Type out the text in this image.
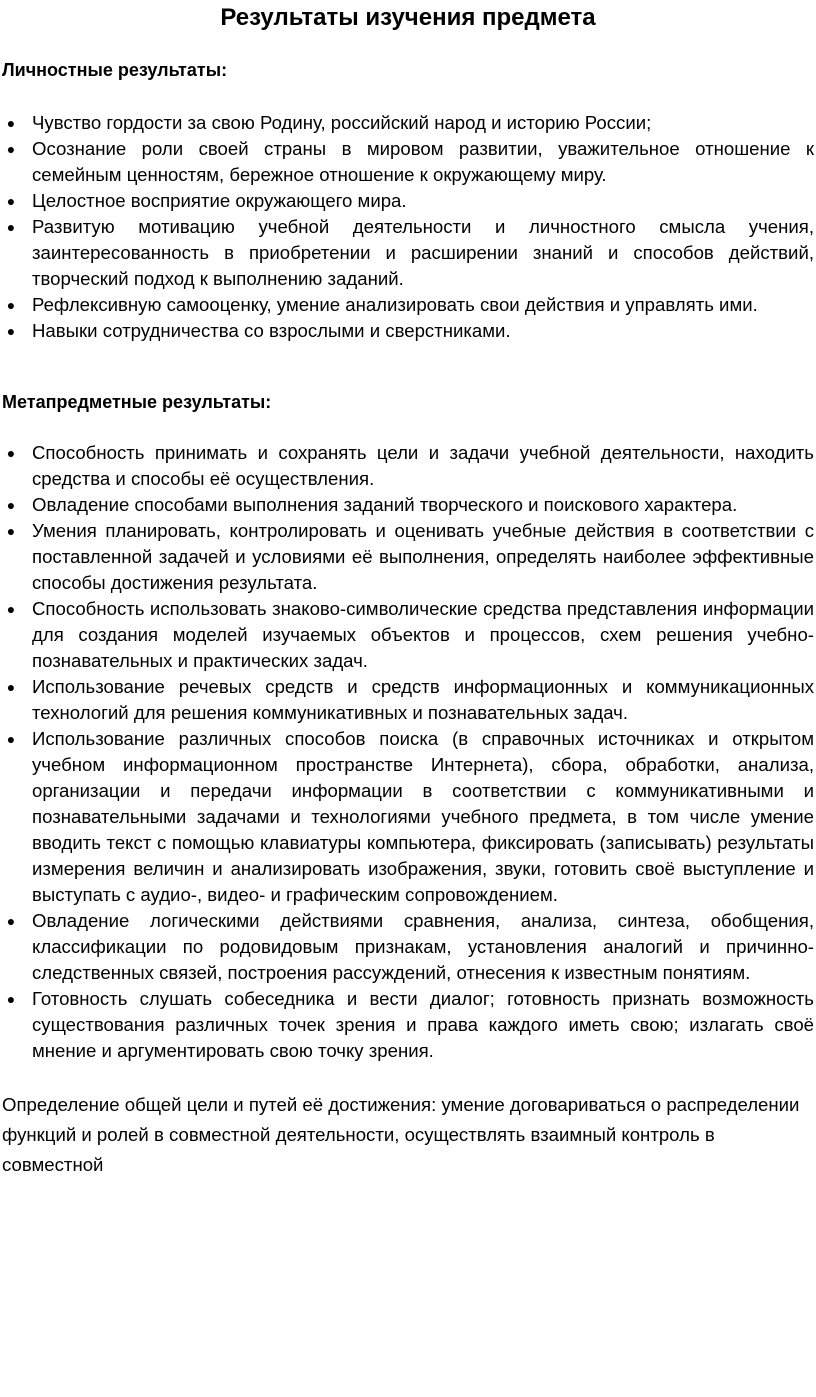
Результаты изучения предмета
Личностные результаты:
● Чувство гордости за свою Родину, российский народ и историю России;
● Осознание роли своей страны в мировом развитии, уважительное отношение к семейным ценностям, бережное отношение к окружающему миру.
● Целостное восприятие окружающего мира.
● Развитую мотивацию учебной деятельности и личностного смысла учения, заинтересованность в приобретении и расширении знаний и способов действий, творческий подход к выполнению заданий.
● Рефлексивную самооценку, умение анализировать свои действия и управлять ими.
● Навыки сотрудничества со взрослыми и сверстниками.
Метапредметные результаты:
● Способность принимать и сохранять цели и задачи учебной деятельности, находить средства и способы её осуществления.
● Овладение способами выполнения заданий творческого и поискового характера.
● Умения планировать, контролировать и оценивать учебные действия в соответствии с поставленной задачей и условиями её выполнения, определять наиболее эффективные способы достижения результата.
● Способность использовать знаково-символические средства представления информации для создания моделей изучаемых объектов и процессов, схем решения учебно-познавательных и практических задач.
● Использование речевых средств и средств информационных и коммуникационных технологий для решения коммуникативных и познавательных задач.
● Использование различных способов поиска (в справочных источниках и открытом учебном информационном пространстве Интернета), сбора, обработки, анализа, организации и передачи информации в соответствии с коммуникативными и познавательными задачами и технологиями учебного предмета, в том числе умение вводить текст с помощью клавиатуры компьютера, фиксировать (записывать) результаты измерения величин и анализировать изображения, звуки, готовить своё выступление и выступать с аудио-, видео- и графическим сопровождением.
● Овладение логическими действиями сравнения, анализа, синтеза, обобщения, классификации по родовидовым признакам, установления аналогий и причинно-следственных связей, построения рассуждений, отнесения к известным понятиям.
● Готовность слушать собеседника и вести диалог; готовность признать возможность существования различных точек зрения и права каждого иметь свою; излагать своё мнение и аргументировать свою точку зрения.

Определение общей цели и путей её достижения: умение договариваться о распределении функций и ролей в совместной деятельности, осуществлять взаимный контроль в совместной
